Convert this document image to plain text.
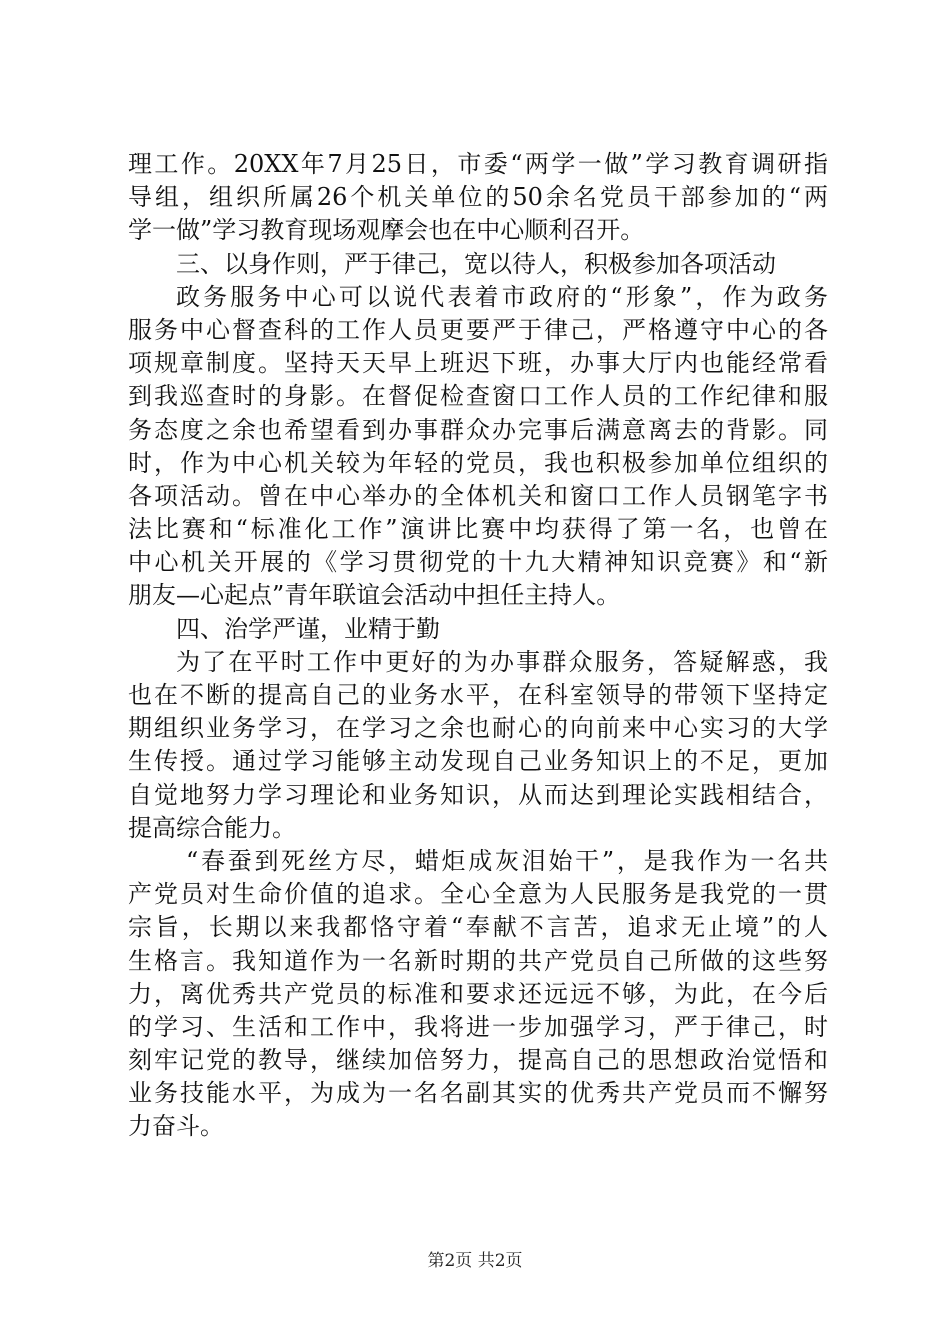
理工作。20XX年7月25日，市委“两学一做”学习教育调研指
导组，组织所属26个机关单位的50余名党员干部参加的“两
学一做”学习教育现场观摩会也在中心顺利召开。
三、以身作则，严于律己，宽以待人，积极参加各项活动
政务服务中心可以说代表着市政府的“形象”，作为政务
服务中心督查科的工作人员更要严于律己，严格遵守中心的各
项规章制度。坚持天天早上班迟下班，办事大厅内也能经常看
到我巡查时的身影。在督促检查窗口工作人员的工作纪律和服
务态度之余也希望看到办事群众办完事后满意离去的背影。同
时，作为中心机关较为年轻的党员，我也积极参加单位组织的
各项活动。曾在中心举办的全体机关和窗口工作人员钢笔字书
法比赛和“标准化工作”演讲比赛中均获得了第一名，也曾在
中心机关开展的《学习贯彻党的十九大精神知识竞赛》和“新
朋友—心起点”青年联谊会活动中担任主持人。
四、治学严谨，业精于勤
为了在平时工作中更好的为办事群众服务，答疑解惑，我
也在不断的提高自己的业务水平，在科室领导的带领下坚持定
期组织业务学习，在学习之余也耐心的向前来中心实习的大学
生传授。通过学习能够主动发现自己业务知识上的不足，更加
自觉地努力学习理论和业务知识，从而达到理论实践相结合，
提高综合能力。
“春蚕到死丝方尽，蜡炬成灰泪始干”，是我作为一名共
产党员对生命价值的追求。全心全意为人民服务是我党的一贯
宗旨，长期以来我都恪守着“奉献不言苦，追求无止境”的人
生格言。我知道作为一名新时期的共产党员自己所做的这些努
力，离优秀共产党员的标准和要求还远远不够，为此，在今后
的学习、生活和工作中，我将进一步加强学习，严于律己，时
刻牢记党的教导，继续加倍努力，提高自己的思想政治觉悟和
业务技能水平，为成为一名名副其实的优秀共产党员而不懈努
力奋斗。
第2页 共2页
